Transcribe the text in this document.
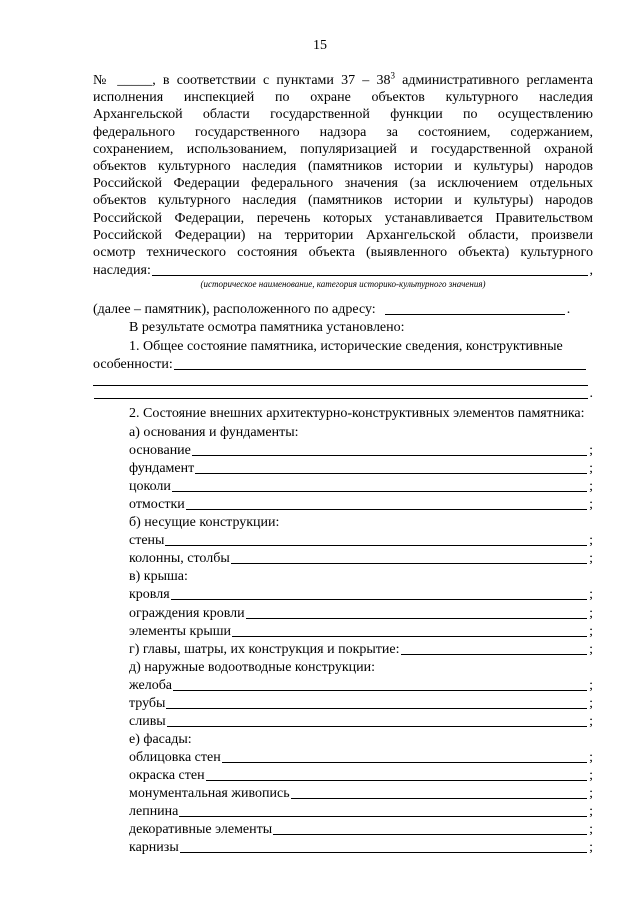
15
№ _____, в соответствии с пунктами $37 - 38^3$ административного регламента
исполнения инспекцией по охране объектов культурного наследия
Архангельской области государственной функции по осуществлению
федерального государственного надзора за состоянием, содержанием,
сохранением, использованием, популяризацией и государственной охраной
объектов культурного наследия (памятников истории и культуры) народов
Российской Федерации федерального значения (за исключением отдельных
объектов культурного наследия (памятников истории и культуры) народов
Российской Федерации, перечень которых устанавливается Правительством
Российской Федерации) на территории Архангельской области, произвели
осмотр технического состояния объекта (выявленного объекта) культурного
наследия:	,
(историческое наименование, категория историко-культурного значения)
(далее – памятник), расположенного по адресу:	.
В результате осмотра памятника установлено:
1. Общее состояние памятника, исторические сведения, конструктивные
особенности:
.
2. Состояние внешних архитектурно-конструктивных элементов памятника:
а) основания и фундаменты:
основание	;
фундамент	;
цоколи	;
отмостки	;
б) несущие конструкции:
стены	;
колонны, столбы	;
в) крыша:
кровля	;
ограждения кровли	;
элементы крыши	;
г) главы, шатры, их конструкция и покрытие:	;
д) наружные водоотводные конструкции:
желоба	;
трубы	;
сливы	;
е) фасады:
облицовка стен	;
окраска стен	;
монументальная живопись	;
лепнина	;
декоративные элементы	;
карнизы	;
